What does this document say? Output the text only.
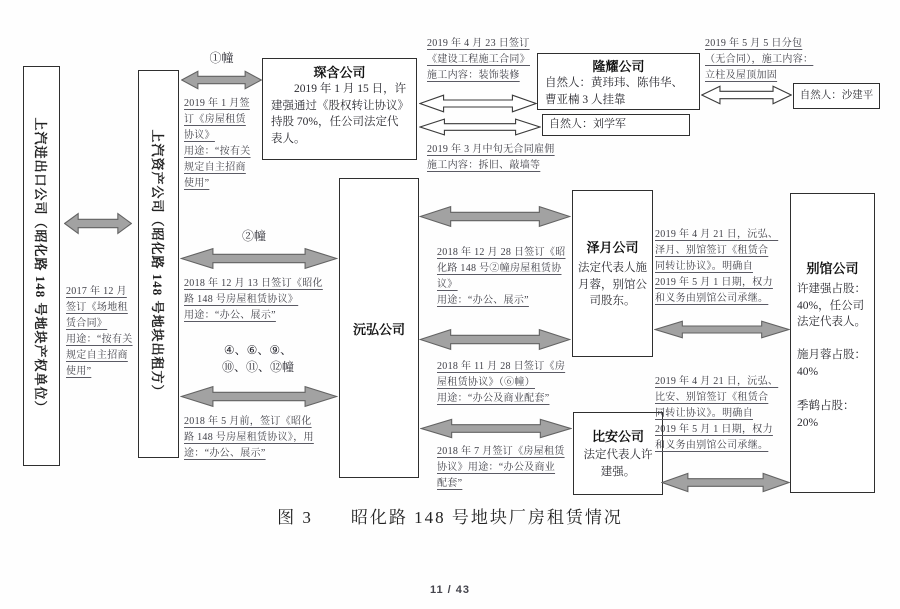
上汽进出口公司（昭化路 148 号地块产权单位）	上汽资产公司（昭化路 148 号地块出租方）
2017 年 12 月
签订《场地租
赁合同》
用途：“按有关
规定自主招商
使用”
①幢
2019 年 1 月签
订《房屋租赁
协议》
用途：“按有关
规定自主招商
使用”
琛含公司
2019 年 1 月 15 日，许建强通过《股权转让协议》持股 70%，任公司法定代表人。
2019 年 4 月 23 日签订
《建设工程施工合同》
施工内容：装饰装修
2019 年 3 月中旬无合同雇佣
施工内容：拆旧、敲墙等
隆耀公司
自然人：黄玮玮、陈伟华、曹亚楠 3 人挂靠
自然人：刘学军
2019 年 5 月 5 日分包
（无合同），施工内容：
立柱及屋顶加固
自然人：沙建平
②幢
2018 年 12 月 13 日签订《昭化
路 148 号房屋租赁协议》
用途：“办公、展示”
④、⑥、⑨、
⑩、⑪、⑫幢
2018 年 5 月前，签订《昭化
路 148 号房屋租赁协议》，用
途：“办公、展示”
沅弘公司
2018 年 12 月 28 日签订《昭
化路 148 号②幢房屋租赁协
议》
用途：“办公、展示”
2018 年 11 月 28 日签订《房
屋租赁协议》（⑥幢）
用途：“办公及商业配套”
2018 年 7 月签订《房屋租赁
协议》用途：“办公及商业
配套”
泽月公司
法定代表人施月蓉，别馆公司股东。
比安公司
法定代表人许建强。
2019 年 4 月 21 日，沅弘、
泽月、别馆签订《租赁合
同转让协议》。明确自
2019 年 5 月 1 日期，权力
和义务由别馆公司承继。
2019 年 4 月 21 日，沅弘、
比安、别馆签订《租赁合
同转让协议》。明确自
2019 年 5 月 1 日期，权力
和义务由别馆公司承继。
别馆公司
许建强占股：40%，任公司法定代表人。
施月蓉占股：40%
季鹤占股：20%
图 3 昭化路 148 号地块厂房租赁情况
11 / 43
